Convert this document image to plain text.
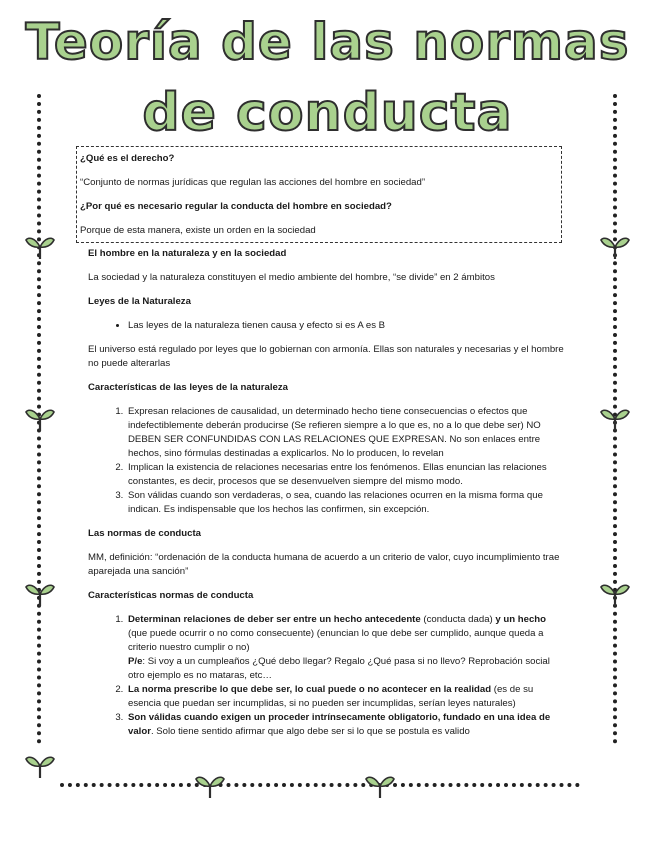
Teoría de las normas
de conducta

¿Qué es el derecho?

“Conjunto de normas jurídicas que regulan las acciones del hombre en sociedad”

¿Por qué es necesario regular la conducta del hombre en sociedad?

Porque de esta manera, existe un orden en la sociedad

El hombre en la naturaleza y en la sociedad

La sociedad y la naturaleza constituyen el medio ambiente del hombre, “se divide” en 2 ámbitos

Leyes de la Naturaleza

• Las leyes de la naturaleza tienen causa y efecto si es A es B

El universo está regulado por leyes que lo gobiernan con armonía. Ellas son naturales y necesarias y el hombre no puede alterarlas

Características de las leyes de la naturaleza

1. Expresan relaciones de causalidad, un determinado hecho tiene consecuencias o efectos que indefectiblemente deberán producirse (Se refieren siempre a lo que es, no a lo que debe ser) NO DEBEN SER CONFUNDIDAS CON LAS RELACIONES QUE EXPRESAN. No son enlaces entre hechos, sino fórmulas destinadas a explicarlos. No lo producen, lo revelan
2. Implican la existencia de relaciones necesarias entre los fenómenos. Ellas enuncian las relaciones constantes, es decir, procesos que se desenvuelven siempre del mismo modo.
3. Son válidas cuando son verdaderas, o sea, cuando las relaciones ocurren en la misma forma que indican. Es indispensable que los hechos las confirmen, sin excepción.

Las normas de conducta

MM, definición: “ordenación de la conducta humana de acuerdo a un criterio de valor, cuyo incumplimiento trae aparejada una sanción”

Características normas de conducta

1. Determinan relaciones de deber ser entre un hecho antecedente (conducta dada) y un hecho (que puede ocurrir o no como consecuente) (enuncian lo que debe ser cumplido, aunque queda a criterio nuestro cumplir o no)
P/e: Si voy a un cumpleaños ¿Qué debo llegar? Regalo ¿Qué pasa si no llevo? Reprobación social otro ejemplo es no mataras, etc…
2. La norma prescribe lo que debe ser, lo cual puede o no acontecer en la realidad (es de su esencia que puedan ser incumplidas, si no pueden ser incumplidas, serían leyes naturales)
3. Son válidas cuando exigen un proceder intrínsecamente obligatorio, fundado en una idea de valor. Solo tiene sentido afirmar que algo debe ser si lo que se postula es valido
